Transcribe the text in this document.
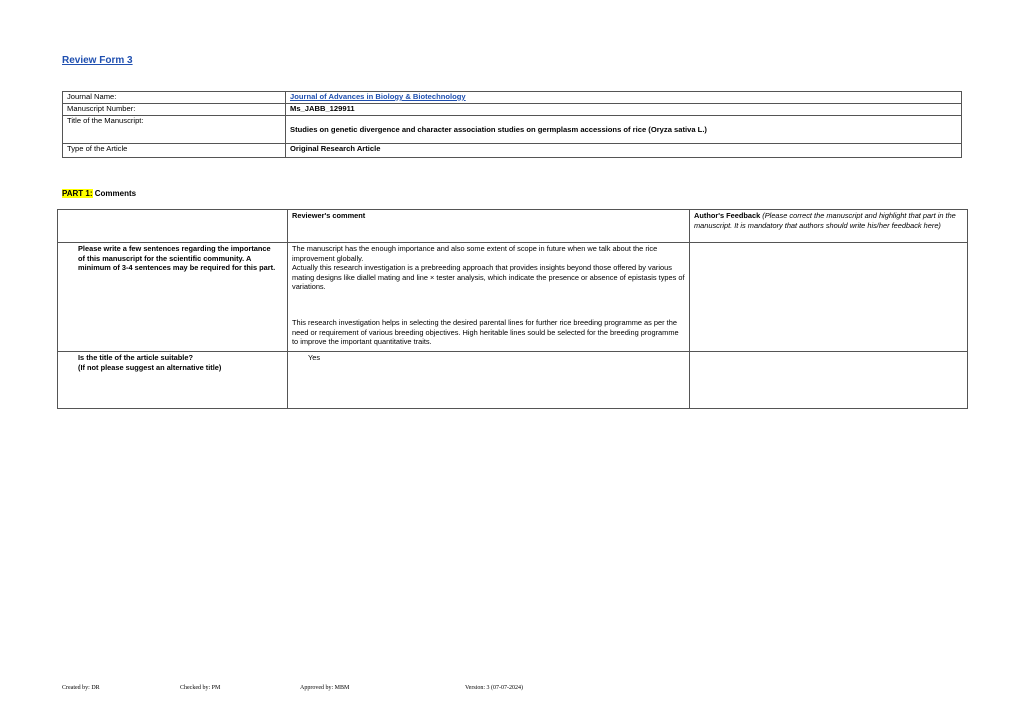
Review Form 3
Journal Name:	Journal of Advances in Biology & Biotechnology
Manuscript Number:	Ms_JABB_129911
Title of the Manuscript:	Studies on genetic divergence and character association studies on germplasm accessions of rice (Oryza sativa L.)
Type of the Article	Original Research Article
PART 1: Comments
	Reviewer's comment	Author's Feedback (Please correct the manuscript and highlight that part in the manuscript. It is mandatory that authors should write his/her feedback here)
Please write a few sentences regarding the importance of this manuscript for the scientific community. A minimum of 3-4 sentences may be required for this part.	The manuscript has the enough importance and also some extent of scope in future when we talk about the rice improvement globally.

Actually this research investigation is a prebreeding approach that provides insights beyond those offered by various mating designs like diallel mating and line × tester analysis, which indicate the presence or absence of epistasis types of variations.

This research investigation helps in selecting the desired parental lines for further rice breeding programme as per the need or requirement of various breeding objectives. High heritable lines sould be selected for the breeding programme to improve the important quantitative traits.	

Is the title of the article suitable?
(If not please suggest an alternative title)	Yes	
Created by: DR	Checked by: PM	Approved by: MBM	Version: 3 (07-07-2024)
